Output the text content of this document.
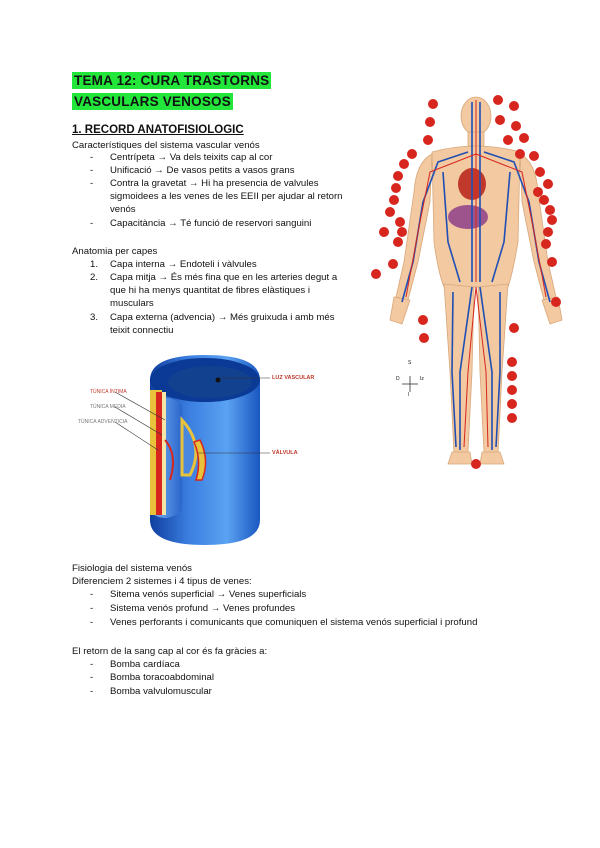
TEMA 12: CURA TRASTORNS
VASCULARS VENOSOS
1. RECORD ANATOFISIOLOGIC
Característiques del sistema vascular venós
- Centrípeta → Va dels teixits cap al cor
- Unificació → De vasos petits a vasos grans
- Contra la gravetat → Hi ha presencia de valvules
sigmoidees a les venes de les EEII per ajudar al retorn
venós
- Capacitància → Té funció de reservori sanguini
Anatomia per capes
1. Capa interna → Endoteli i vàlvules
2. Capa mitja → És més fina que en les arteries degut a
que hi ha menys quantitat de fibres elàstiques i
musculars
3. Capa externa (advencia) → Més gruixuda i amb més
teixit connectiu
TÚNICA ÍNTIMA
TÚNICA MEDIA
TÚNICA ADVENTICIA
LUZ VASCULAR
VÁLVULA
S
I
D	Iz
Fisiologia del sistema venós
Diferenciem 2 sistemes i 4 tipus de venes:
- Sitema venós superficial → Venes superficials
- Sistema venós profund → Venes profundes
- Venes perforants i comunicants que comuniquen el sistema venós superficial i profund
El retorn de la sang cap al cor és fa gràcies a:
- Bomba cardíaca
- Bomba toracoabdominal
- Bomba valvulomuscular
